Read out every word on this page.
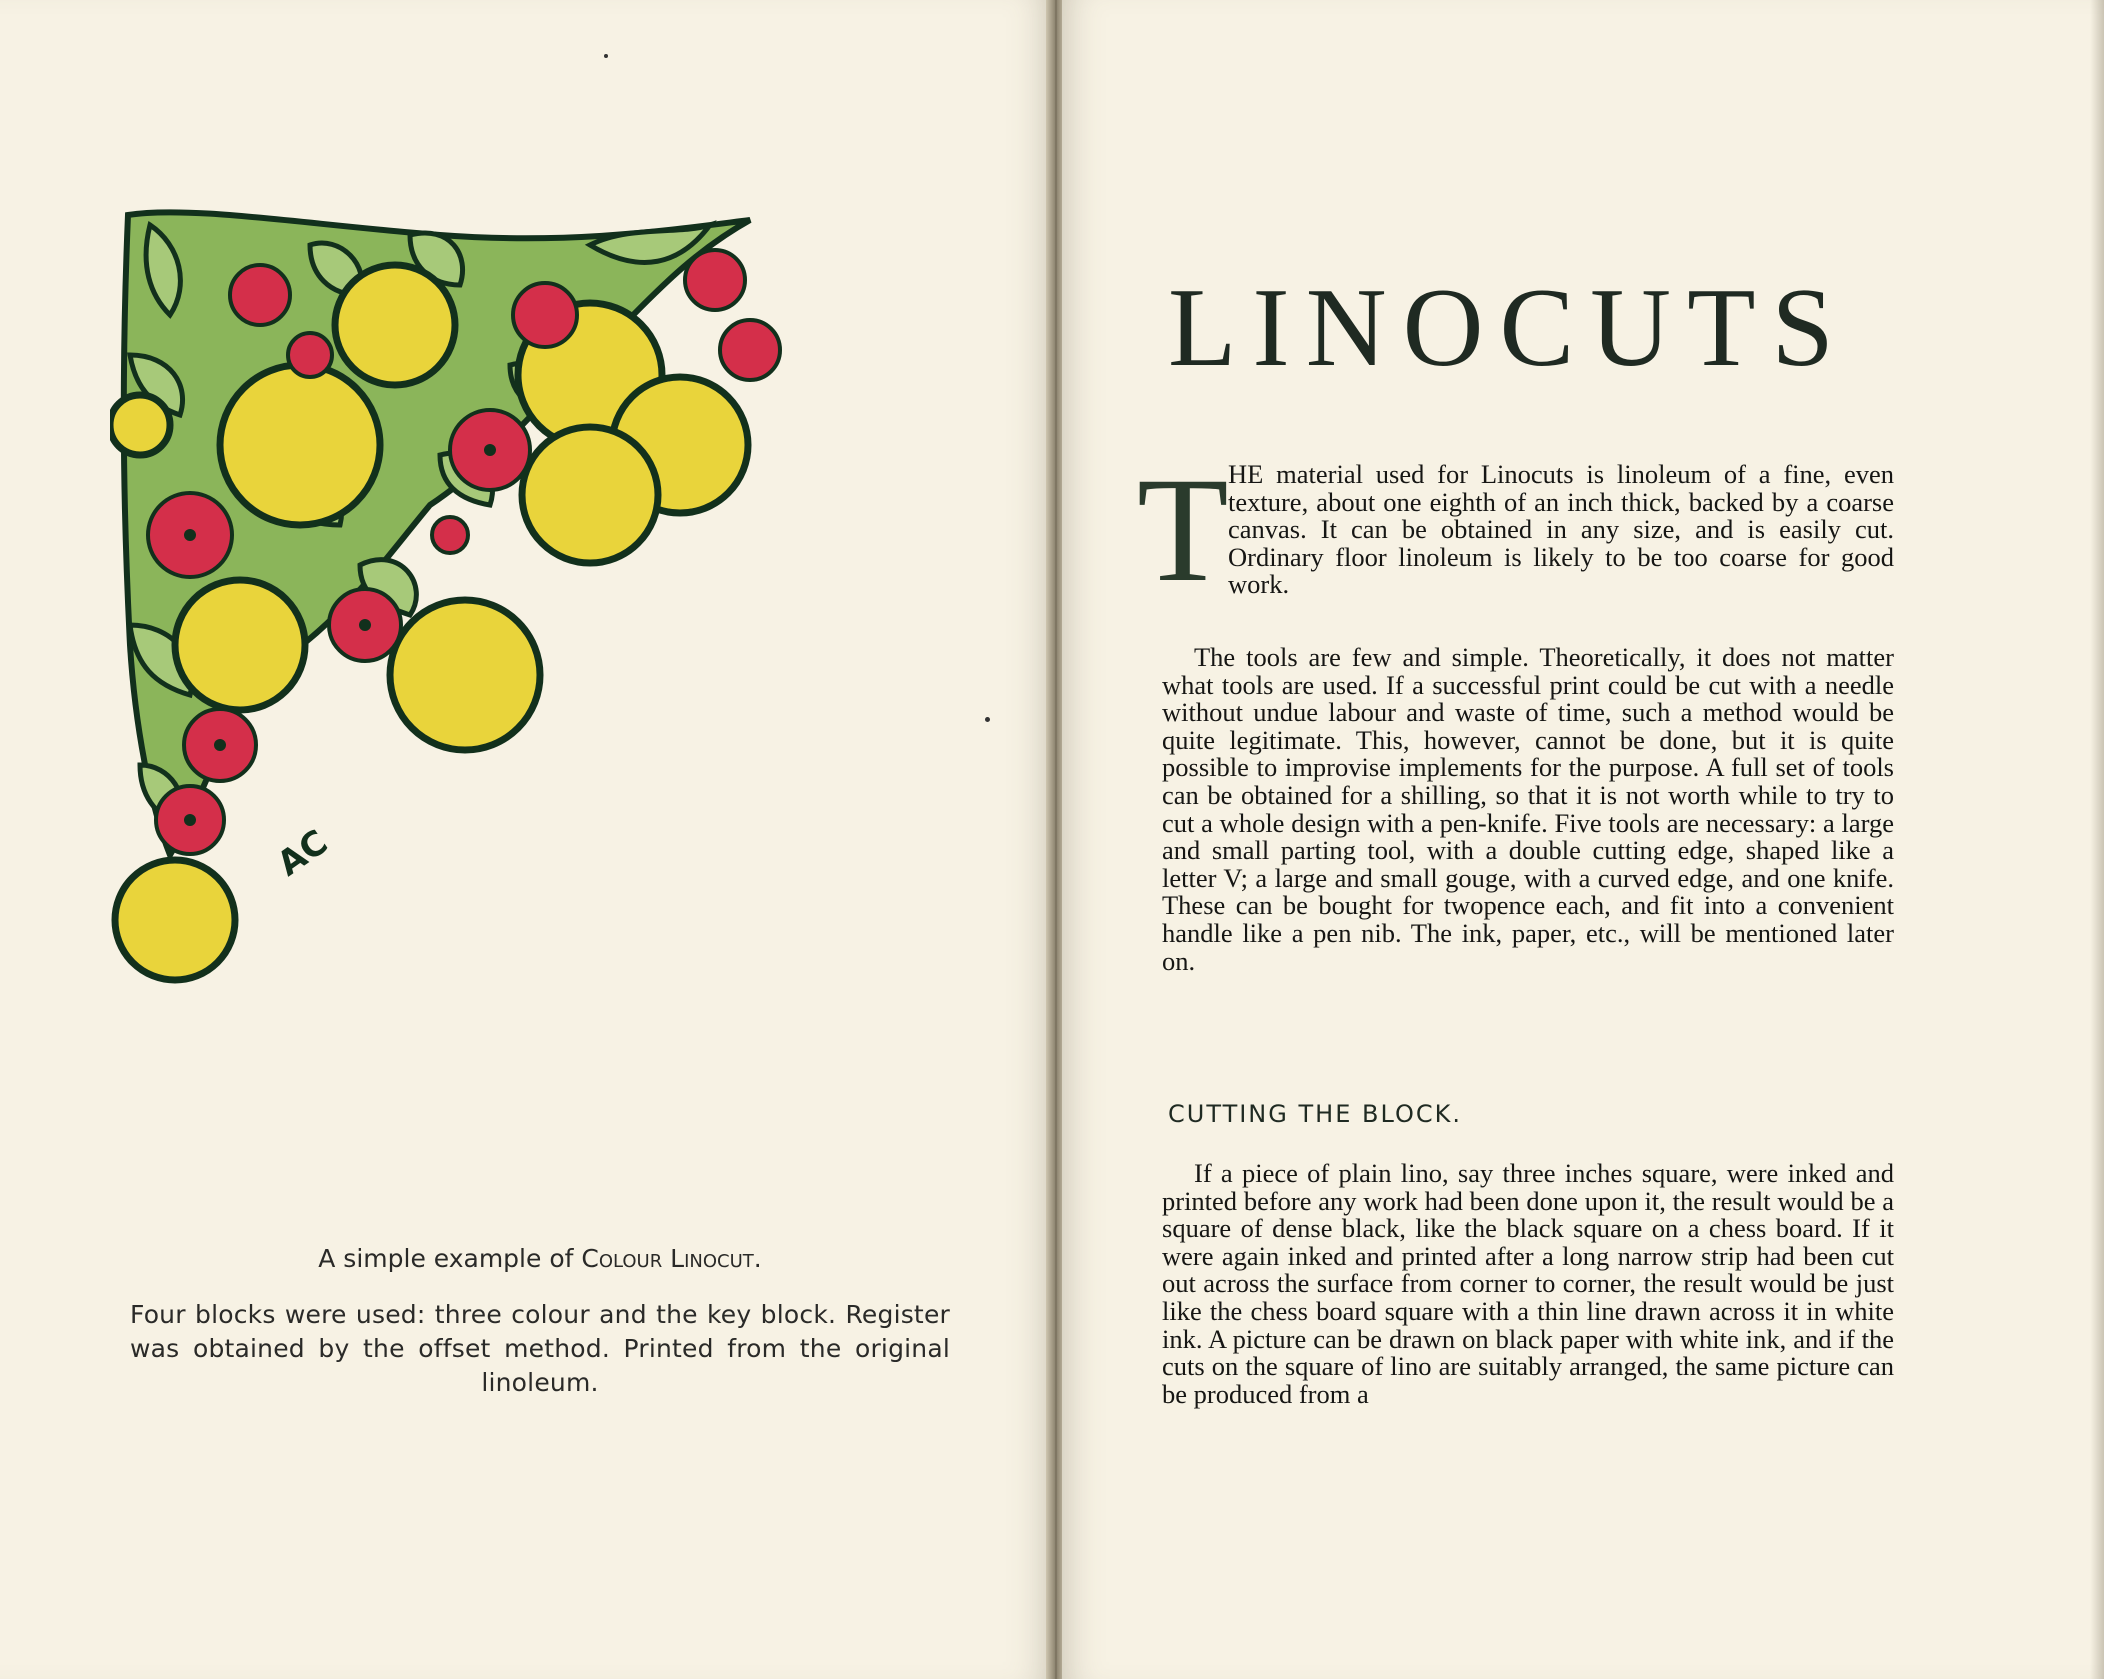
AC
A simple example of Colour Linocut.
Four blocks were used: three colour and the key block. Register was obtained by the offset method. Printed from the original linoleum.
LINOCUTS
T HE material used for Linocuts is linoleum of a fine, even texture, about one eighth of an inch thick, backed by a coarse canvas. It can be obtained in any size, and is easily cut. Ordinary floor linoleum is likely to be too coarse for good work.

The tools are few and simple. Theoretically, it does not matter what tools are used. If a successful print could be cut with a needle without undue labour and waste of time, such a method would be quite legitimate. This, however, cannot be done, but it is quite possible to improvise implements for the purpose. A full set of tools can be obtained for a shilling, so that it is not worth while to try to cut a whole design with a pen-knife. Five tools are necessary: a large and small parting tool, with a double cutting edge, shaped like a letter V; a large and small gouge, with a curved edge, and one knife. These can be bought for twopence each, and fit into a convenient handle like a pen nib. The ink, paper, etc., will be mentioned later on.

CUTTING THE BLOCK.

If a piece of plain lino, say three inches square, were inked and printed before any work had been done upon it, the result would be a square of dense black, like the black square on a chess board. If it were again inked and printed after a long narrow strip had been cut out across the surface from corner to corner, the result would be just like the chess board square with a thin line drawn across it in white ink. A picture can be drawn on black paper with white ink, and if the cuts on the square of lino are suitably arranged, the same picture can be produced from a
